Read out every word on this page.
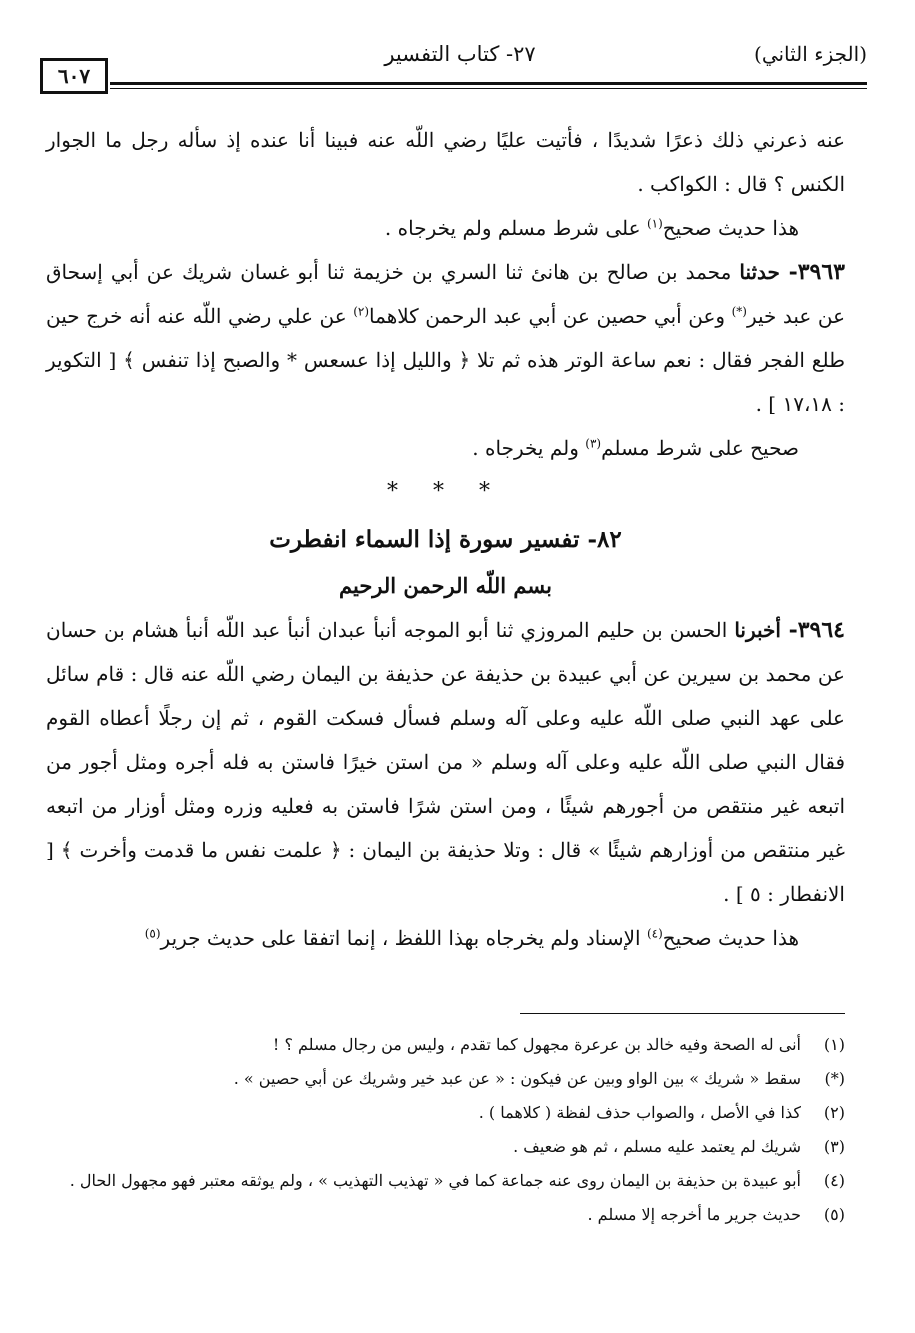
(الجزء الثاني)
٢٧- كتاب التفسير
٦٠٧

عنه ذعرني ذلك ذعرًا شديدًا ، فأتيت عليًا رضي اللّه عنه فبينا أنا عنده إذ سأله رجل ما الجوار الكنس ؟ قال : الكواكب .

هذا حديث صحيح$^{(١)}$ على شرط مسلم ولم يخرجاه .

٣٩٦٣- حدثنا محمد بن صالح بن هانئ ثنا السري بن خزيمة ثنا أبو غسان شريك عن أبي إسحاق عن عبد خير(*) وعن أبي حصين عن أبي عبد الرحمن كلاهما$^{(٢)}$ عن علي رضي اللّه عنه أنه خرج حين طلع الفجر فقال : نعم ساعة الوتر هذه ثم تلا ﴿ والليل إذا عسعس * والصبح إذا تنفس ﴾ [ التكوير : ١٧،١٨ ] .

صحيح على شرط مسلم$^{(٣)}$ ولم يخرجاه .

* * *

٨٢- تفسير سورة إذا السماء انفطرت
بسم اللّه الرحمن الرحيم

٣٩٦٤- أخبرنا الحسن بن حليم المروزي ثنا أبو الموجه أنبأ عبدان أنبأ عبد اللّه أنبأ هشام بن حسان عن محمد بن سيرين عن أبي عبيدة بن حذيفة عن حذيفة بن اليمان رضي اللّه عنه قال : قام سائل على عهد النبي صلى اللّه عليه وعلى آله وسلم فسأل فسكت القوم ، ثم إن رجلًا أعطاه القوم فقال النبي صلى اللّه عليه وعلى آله وسلم « من استن خيرًا فاستن به فله أجره ومثل أجور من اتبعه غير منتقص من أجورهم شيئًا ، ومن استن شرًا فاستن به فعليه وزره ومثل أوزار من اتبعه غير منتقص من أوزارهم شيئًا » قال : وتلا حذيفة بن اليمان : ﴿ علمت نفس ما قدمت وأخرت ﴾ [ الانفطار : ٥ ] .

هذا حديث صحيح$^{(٤)}$ الإسناد ولم يخرجاه بهذا اللفظ ، إنما اتفقا على حديث جرير$^{(٥)}$

(١)
أنى له الصحة وفيه خالد بن عرعرة مجهول كما تقدم ، وليس من رجال مسلم ؟ !
(*)
سقط « شريك » بين الواو وبين عن فيكون : « عن عبد خير وشريك عن أبي حصين » .
(٢)
كذا في الأصل ، والصواب حذف لفظة ( كلاهما ) .
(٣)
شريك لم يعتمد عليه مسلم ، ثم هو ضعيف .
(٤)
أبو عبيدة بن حذيفة بن اليمان روى عنه جماعة كما في « تهذيب التهذيب » ، ولم يوثقه معتبر فهو مجهول الحال .
(٥)
حديث جرير ما أخرجه إلا مسلم .
